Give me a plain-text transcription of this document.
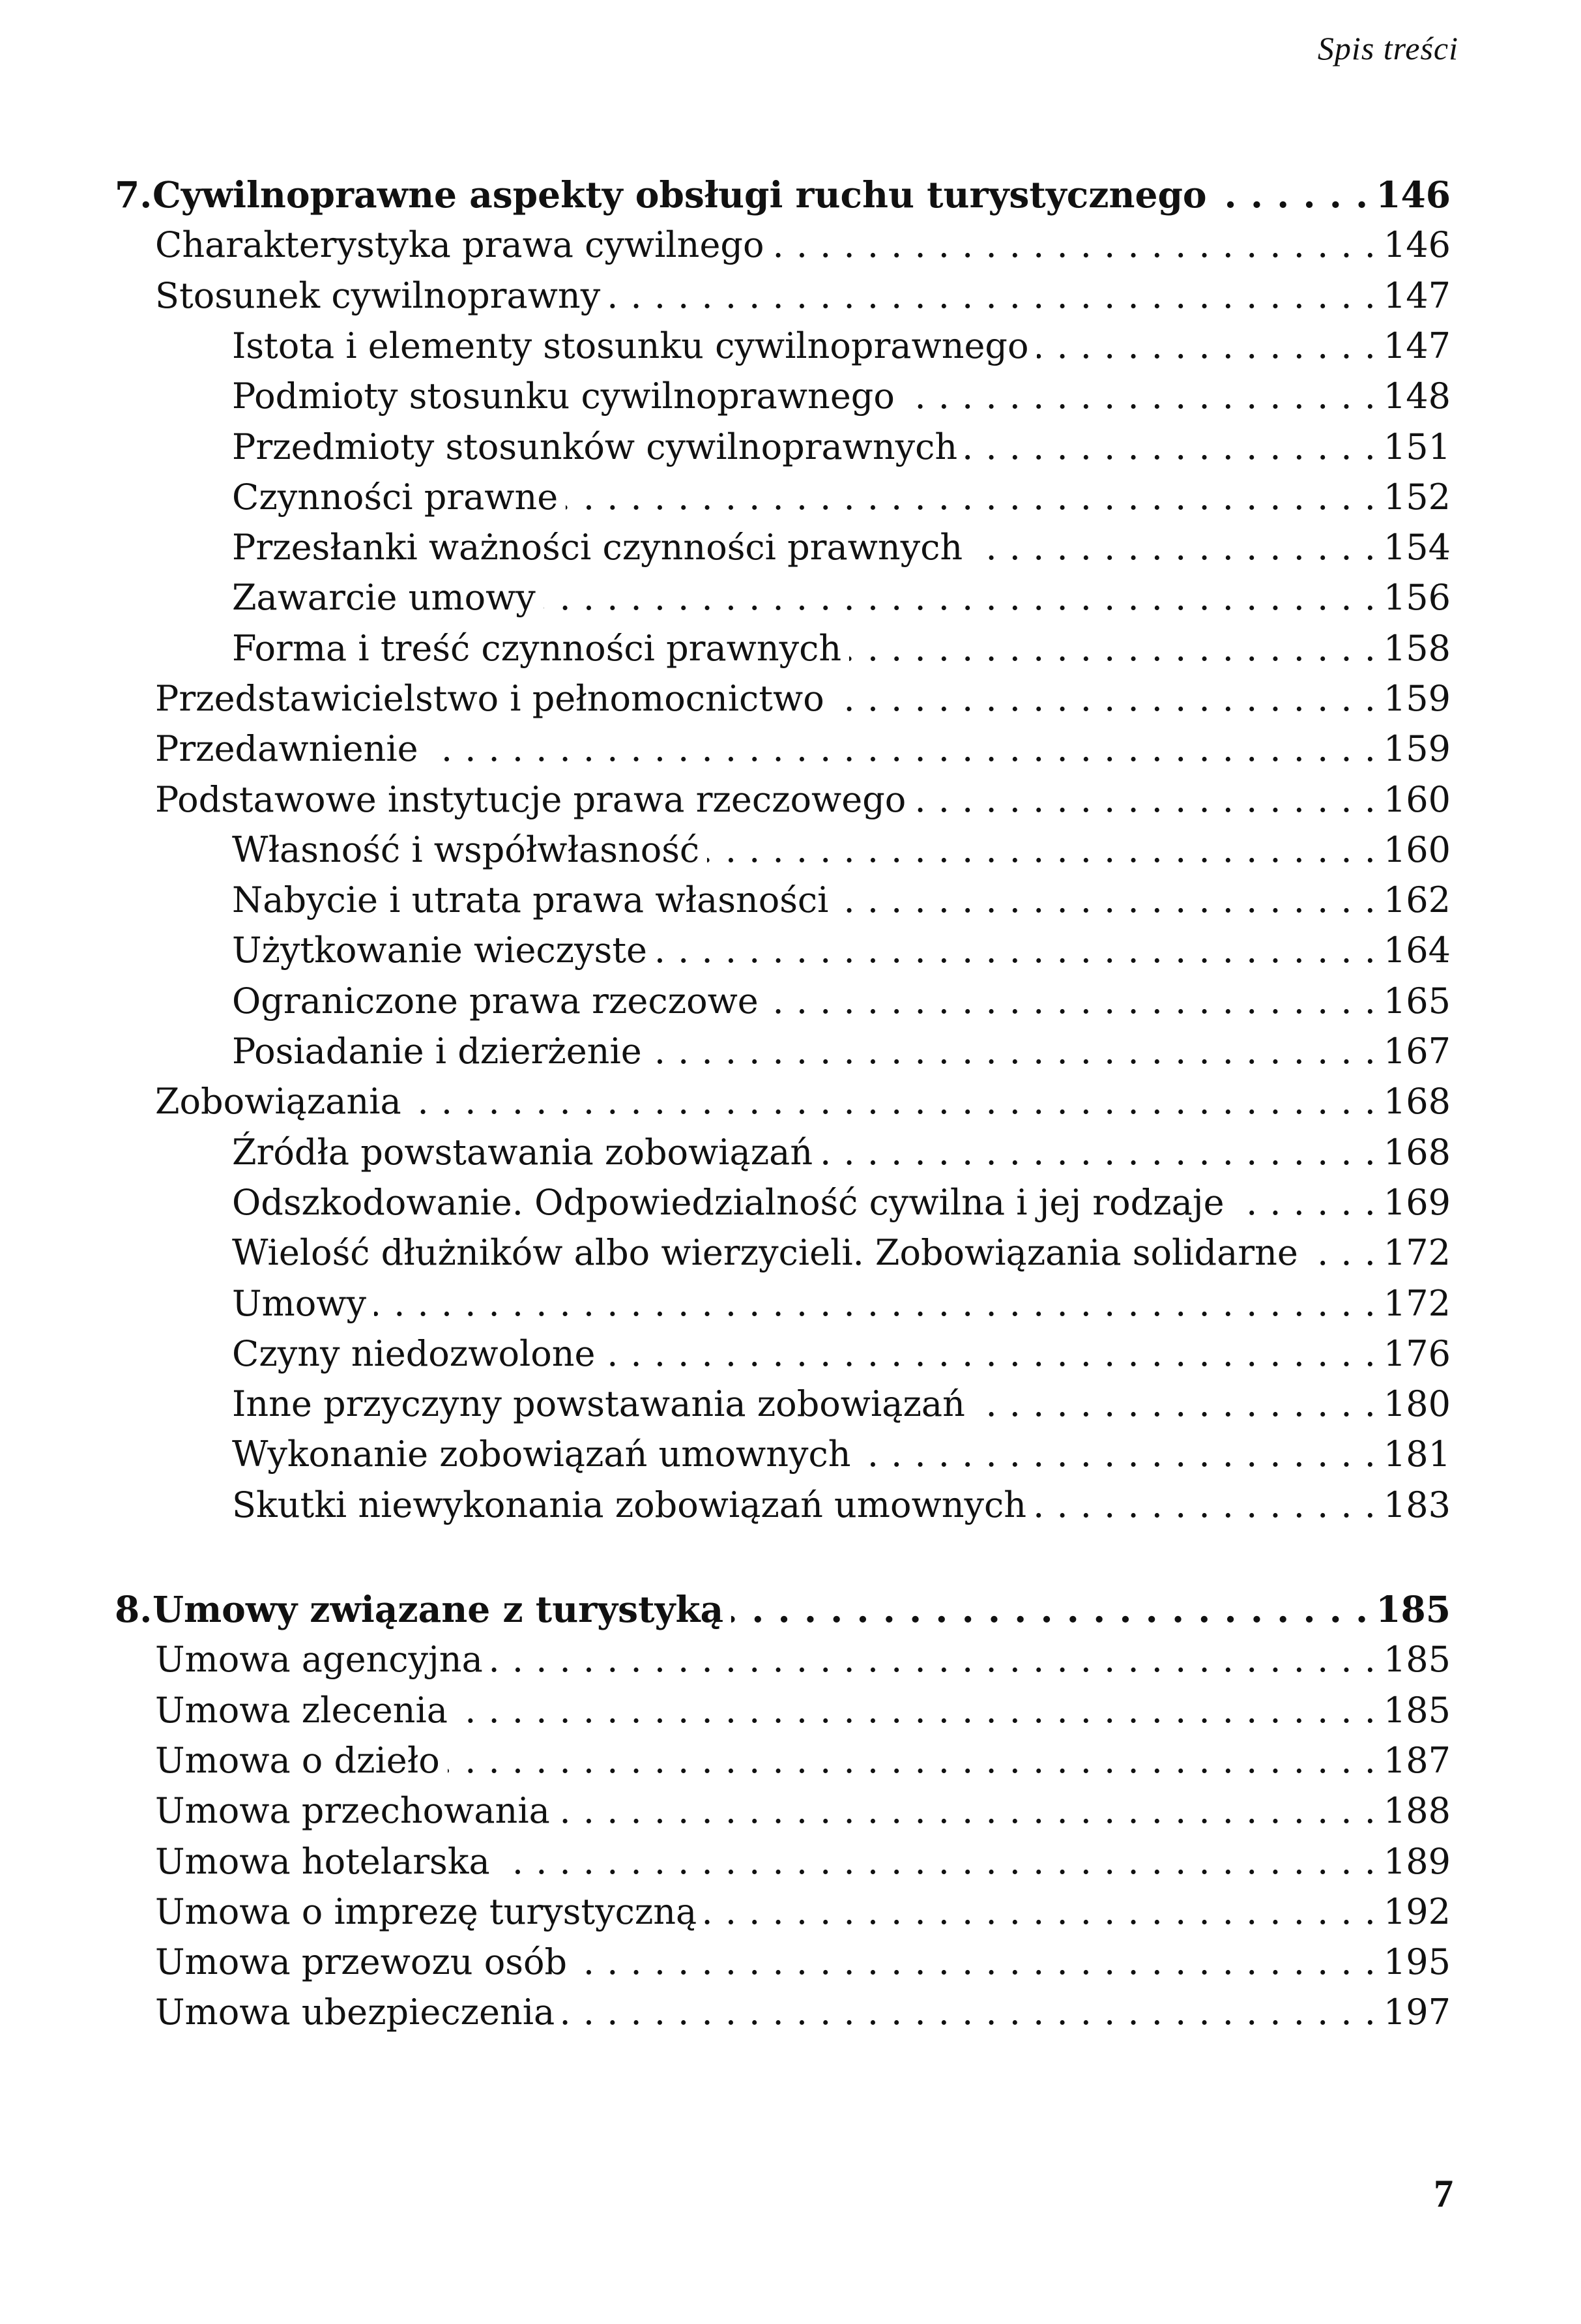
Spis treści
7.Cywilnoprawne aspekty obsługi ruchu turystycznego . . .	146
Charakterystyka prawa cywilnego . . .	146
Stosunek cywilnoprawny . . .	147
Istota i elementy stosunku cywilnoprawnego . . .	147
Podmioty stosunku cywilnoprawnego . . .	148
Przedmioty stosunków cywilnoprawnych . . .	151
Czynności prawne . . .	152
Przesłanki ważności czynności prawnych . . .	154
Zawarcie umowy . . .	156
Forma i treść czynności prawnych . . .	158
Przedstawicielstwo i pełnomocnictwo . . .	159
Przedawnienie . . .	159
Podstawowe instytucje prawa rzeczowego . . .	160
Własność i współwłasność . . .	160
Nabycie i utrata prawa własności . . .	162
Użytkowanie wieczyste . . .	164
Ograniczone prawa rzeczowe . . .	165
Posiadanie i dzierżenie . . .	167
Zobowiązania . . .	168
Źródła powstawania zobowiązań . . .	168
Odszkodowanie. Odpowiedzialność cywilna i jej rodzaje . . .	169
Wielość dłużników albo wierzycieli. Zobowiązania solidarne . . . 172
Umowy . . .	172
Czyny niedozwolone . . .	176
Inne przyczyny powstawania zobowiązań . . .	180
Wykonanie zobowiązań umownych . . .	181
Skutki niewykonania zobowiązań umownych . . .	183
8.Umowy związane z turystyką . . .	185
Umowa agencyjna . . .	185
Umowa zlecenia . . .	185
Umowa o dzieło . . .	187
Umowa przechowania . . .	188
Umowa hotelarska . . .	189
Umowa o imprezę turystyczną . . .	192
Umowa przewozu osób . . .	195
Umowa ubezpieczenia . . .	197
7
